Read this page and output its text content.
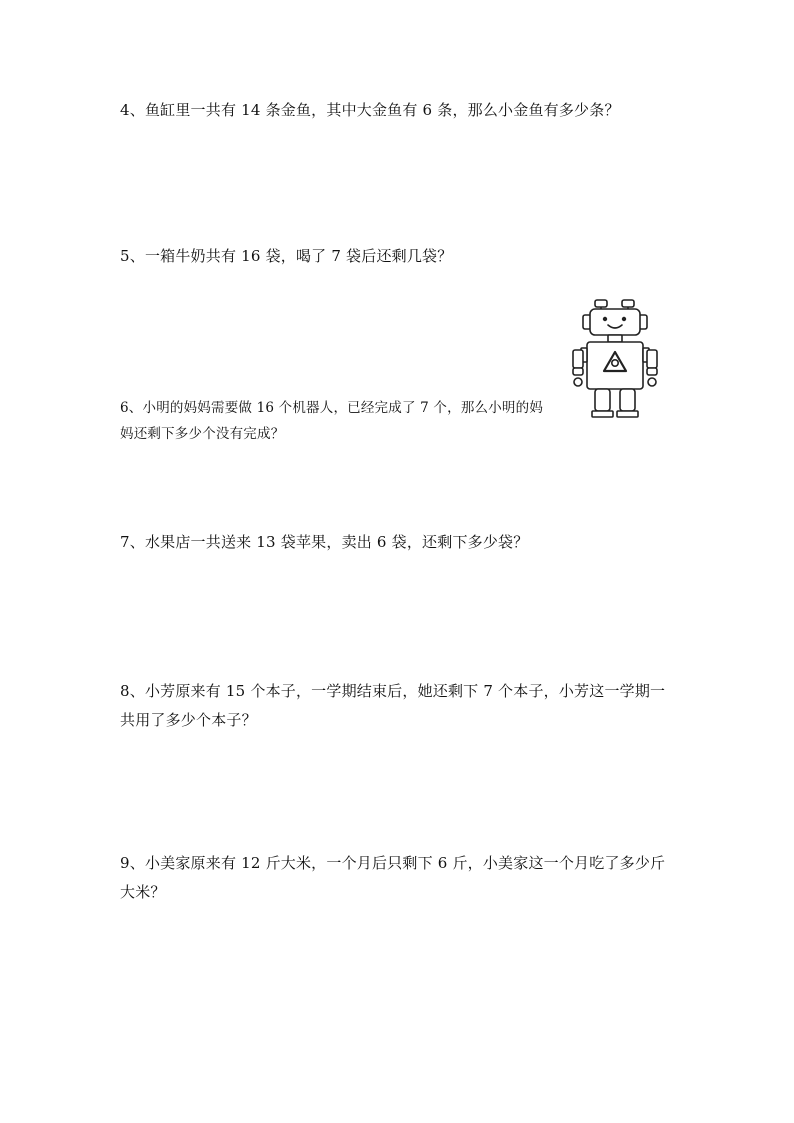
4、鱼缸里一共有 14 条金鱼，其中大金鱼有 6 条，那么小金鱼有多少条？

5、一箱牛奶共有 16 袋，喝了 7 袋后还剩几袋？

6、小明的妈妈需要做 16 个机器人，已经完成了 7 个，那么小明的妈妈还剩下多少个没有完成？

7、水果店一共送来 13 袋苹果，卖出 6 袋，还剩下多少袋？

8、小芳原来有 15 个本子，一学期结束后，她还剩下 7 个本子，小芳这一学期一共用了多少个本子？

9、小美家原来有 12 斤大米，一个月后只剩下 6 斤，小美家这一个月吃了多少斤大米？
